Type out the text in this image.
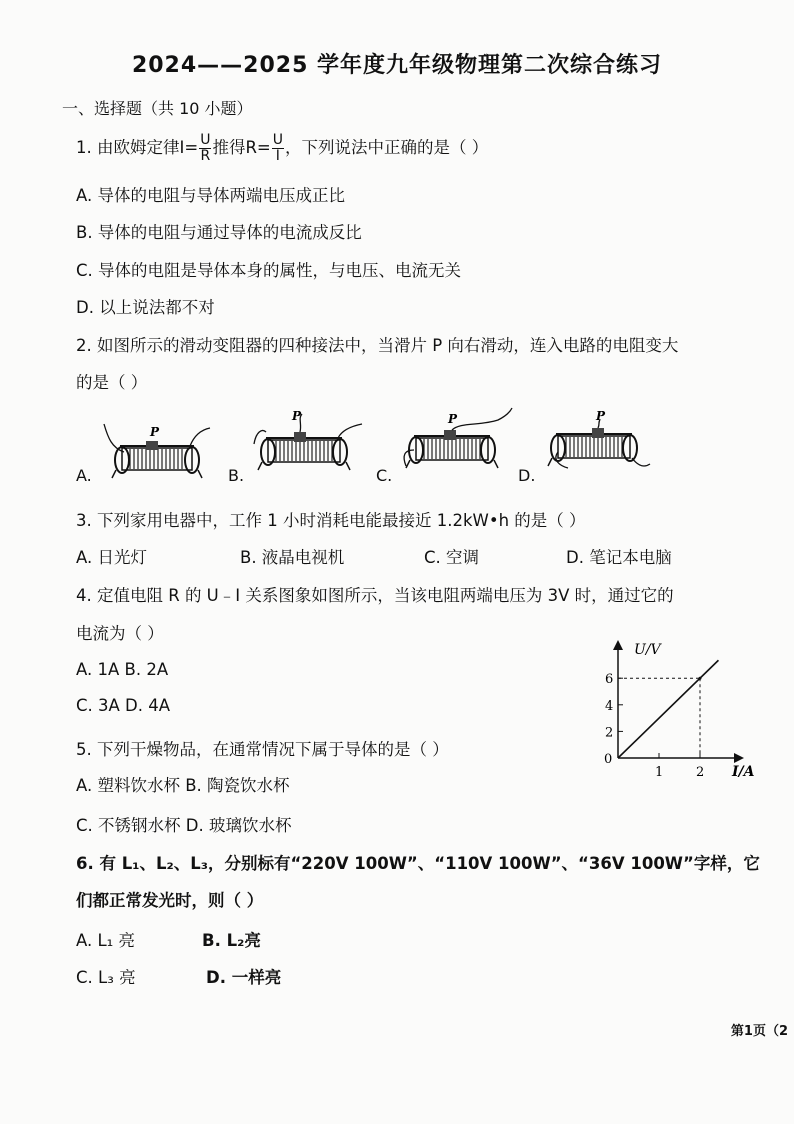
2024——2025 学年度九年级物理第二次综合练习
一、选择题（共 10 小题）
1. 由欧姆定律$I= \frac{U}{R}$ 推得$R= \frac{U}{I}$ ，下列说法中正确的是（ ）
A. 导体的电阻与导体两端电压成正比
B. 导体的电阻与通过导体的电流成反比
C. 导体的电阻是导体本身的属性，与电压、电流无关
D. 以上说法都不对
2. 如图所示的滑动变阻器的四种接法中，当滑片 P 向右滑动，连入电路的电阻变大
的是（ ）
P
A.
P
B.
P
C.
P
D.
3. 下列家用电器中，工作 1 小时消耗电能最接近 1.2kW•h 的是（ ）
A. 日光灯	B. 液晶电视机	C. 空调	D. 笔记本电脑
4. 定值电阻 R 的 U﹣I 关系图象如图所示，当该电阻两端电压为 3V 时，通过它的
电流为（ ）
A. 1A B. 2A
C. 3A D. 4A
U/V
I/A
0
2
4
6
1	2
5. 下列干燥物品，在通常情况下属于导体的是（ ）
A. 塑料饮水杯 B. 陶瓷饮水杯
C. 不锈钢水杯 D. 玻璃饮水杯
6. 有 L₁、L₂、L₃，分别标有“220V 100W”、“110V 100W”、“36V 100W”字样，它
们都正常发光时，则（ ）
A. L₁ 亮	B. L₂亮
C. L₃ 亮	D. 一样亮
第1页（2
